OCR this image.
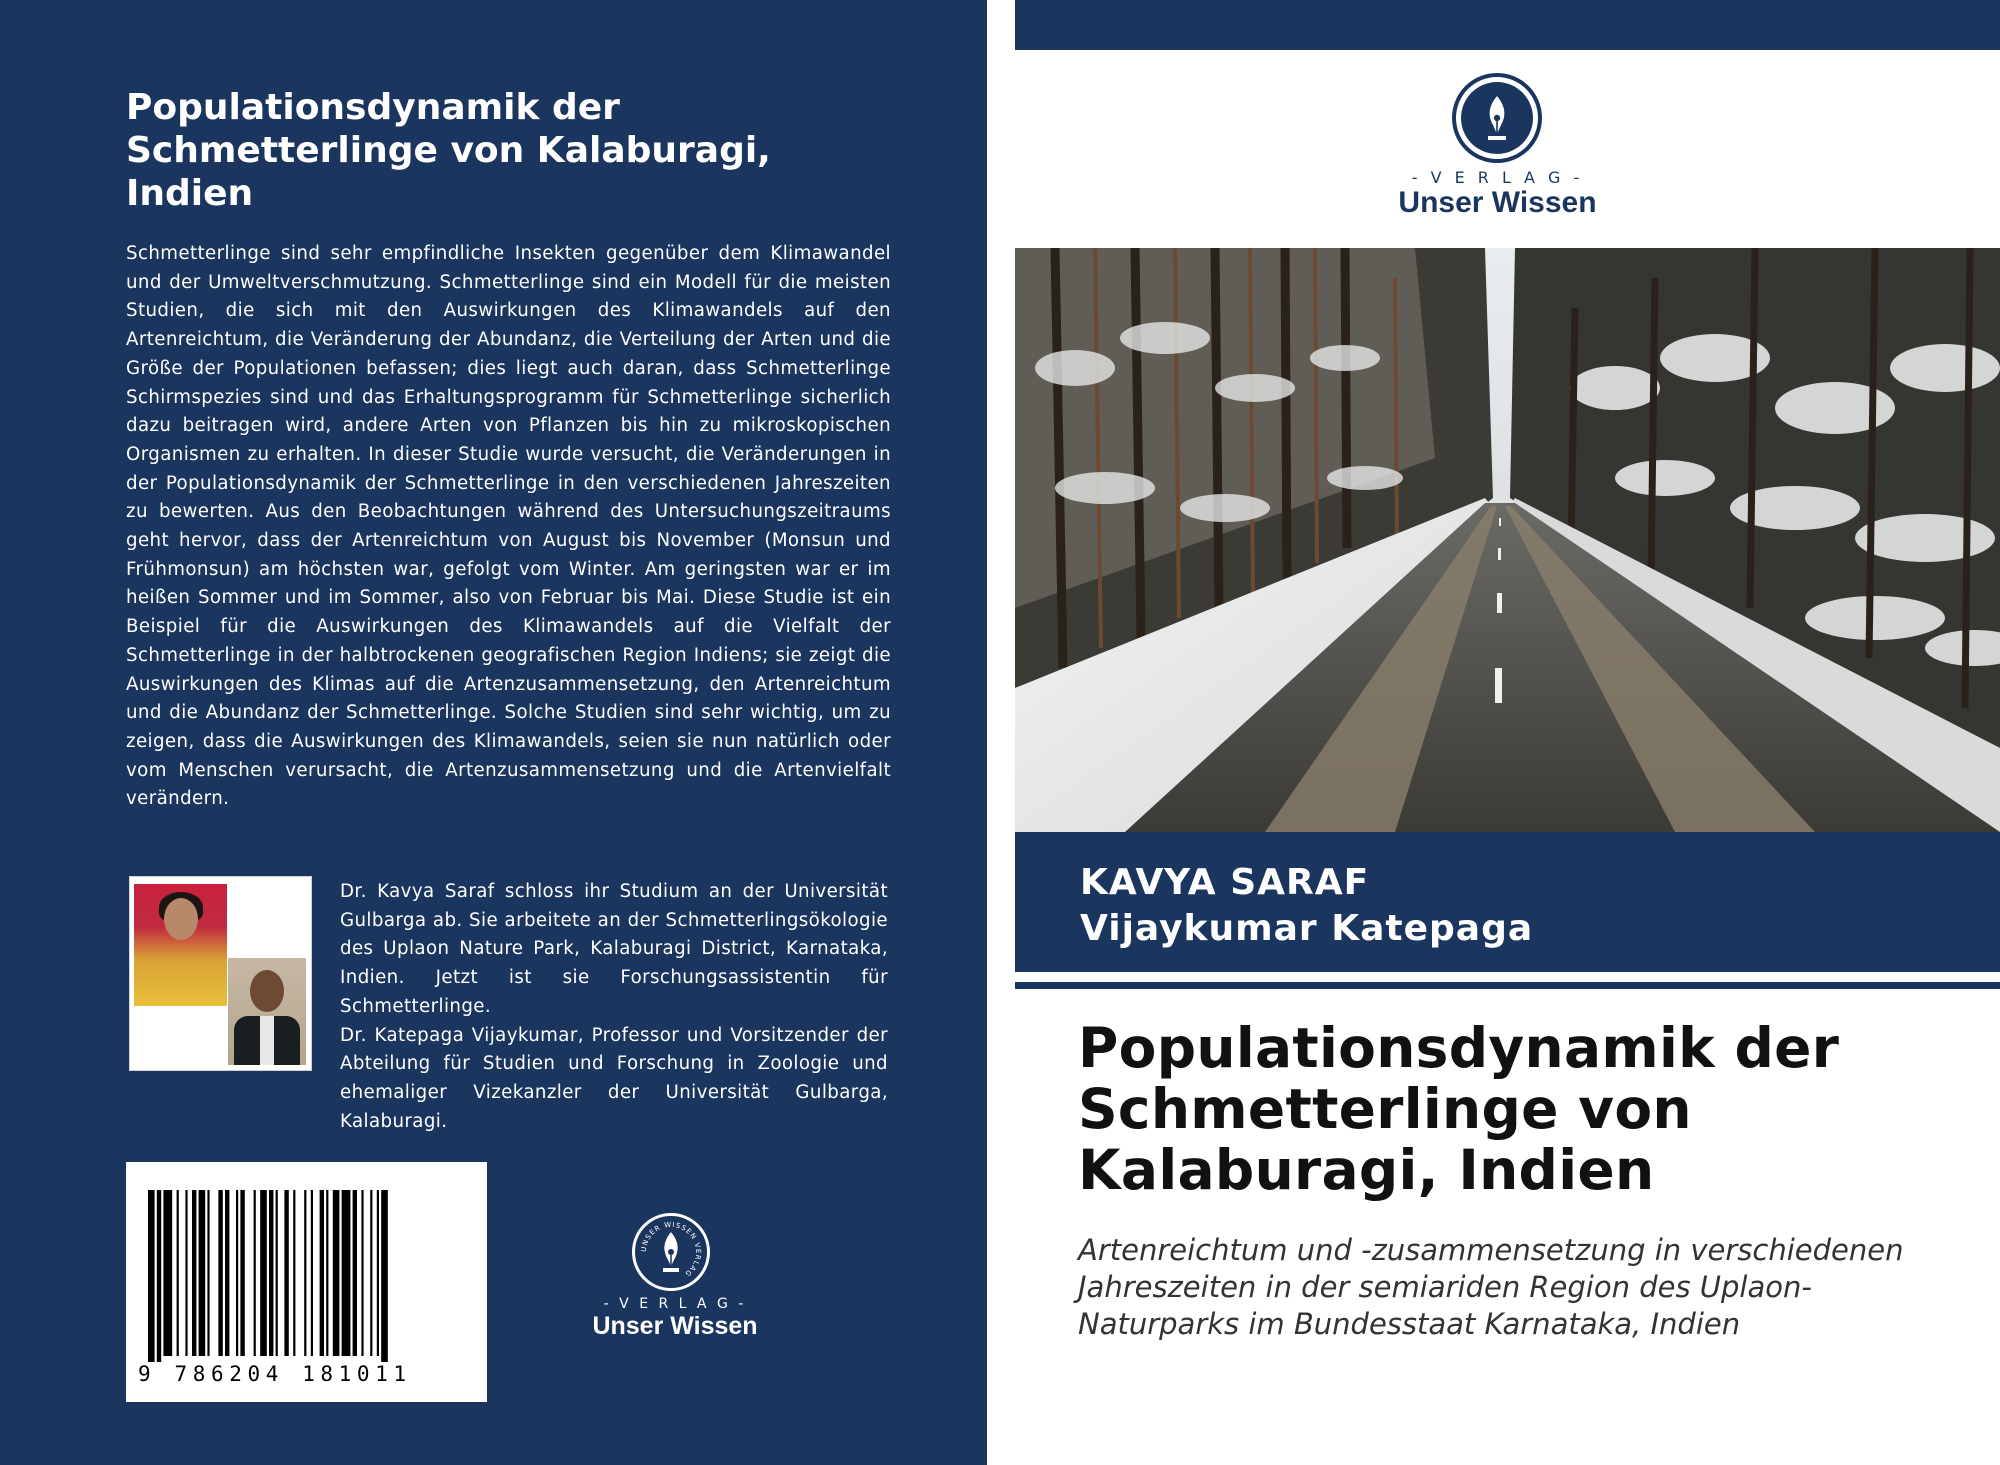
Populationsdynamik der Schmetterlinge von Kalaburagi, Indien

Schmetterlinge sind sehr empfindliche Insekten gegenüber dem Klimawandel und der Umweltverschmutzung. Schmetterlinge sind ein Modell für die meisten Studien, die sich mit den Auswirkungen des Klimawandels auf den Artenreichtum, die Veränderung der Abundanz, die Verteilung der Arten und die Größe der Populationen befassen; dies liegt auch daran, dass Schmetterlinge Schirmspezies sind und das Erhaltungsprogramm für Schmetterlinge sicherlich dazu beitragen wird, andere Arten von Pflanzen bis hin zu mikroskopischen Organismen zu erhalten. In dieser Studie wurde versucht, die Veränderungen in der Populationsdynamik der Schmetterlinge in den verschiedenen Jahreszeiten zu bewerten. Aus den Beobachtungen während des Untersuchungszeitraums geht hervor, dass der Artenreichtum von August bis November (Monsun und Frühmonsun) am höchsten war, gefolgt vom Winter. Am geringsten war er im heißen Sommer und im Sommer, also von Februar bis Mai. Diese Studie ist ein Beispiel für die Auswirkungen des Klimawandels auf die Vielfalt der Schmetterlinge in der halbtrockenen geografischen Region Indiens; sie zeigt die Auswirkungen des Klimas auf die Artenzusammensetzung, den Artenreichtum und die Abundanz der Schmetterlinge. Solche Studien sind sehr wichtig, um zu zeigen, dass die Auswirkungen des Klimawandels, seien sie nun natürlich oder vom Menschen verursacht, die Artenzusammensetzung und die Artenvielfalt verändern.

Dr. Kavya Saraf schloss ihr Studium an der Universität Gulbarga ab. Sie arbeitete an der Schmetterlingsökologie des Uplaon Nature Park, Kalaburagi District, Karnataka, Indien. Jetzt ist sie Forschungsassistentin für Schmetterlinge.
Dr. Katepaga Vijaykumar, Professor und Vorsitzender der Abteilung für Studien und Forschung in Zoologie und ehemaliger Vizekanzler der Universität Gulbarga, Kalaburagi.
9 786204 181011
UNSER WISSEN VERLAG
- V E R L A G -
Unser Wissen
- V E R L A G -
Unser Wissen
KAVYA SARAF
Vijaykumar Katepaga
Populationsdynamik der Schmetterlinge von Kalaburagi, Indien

Artenreichtum und -zusammensetzung in verschiedenen Jahreszeiten in der semiariden Region des Uplaon-Naturparks im Bundesstaat Karnataka, Indien
